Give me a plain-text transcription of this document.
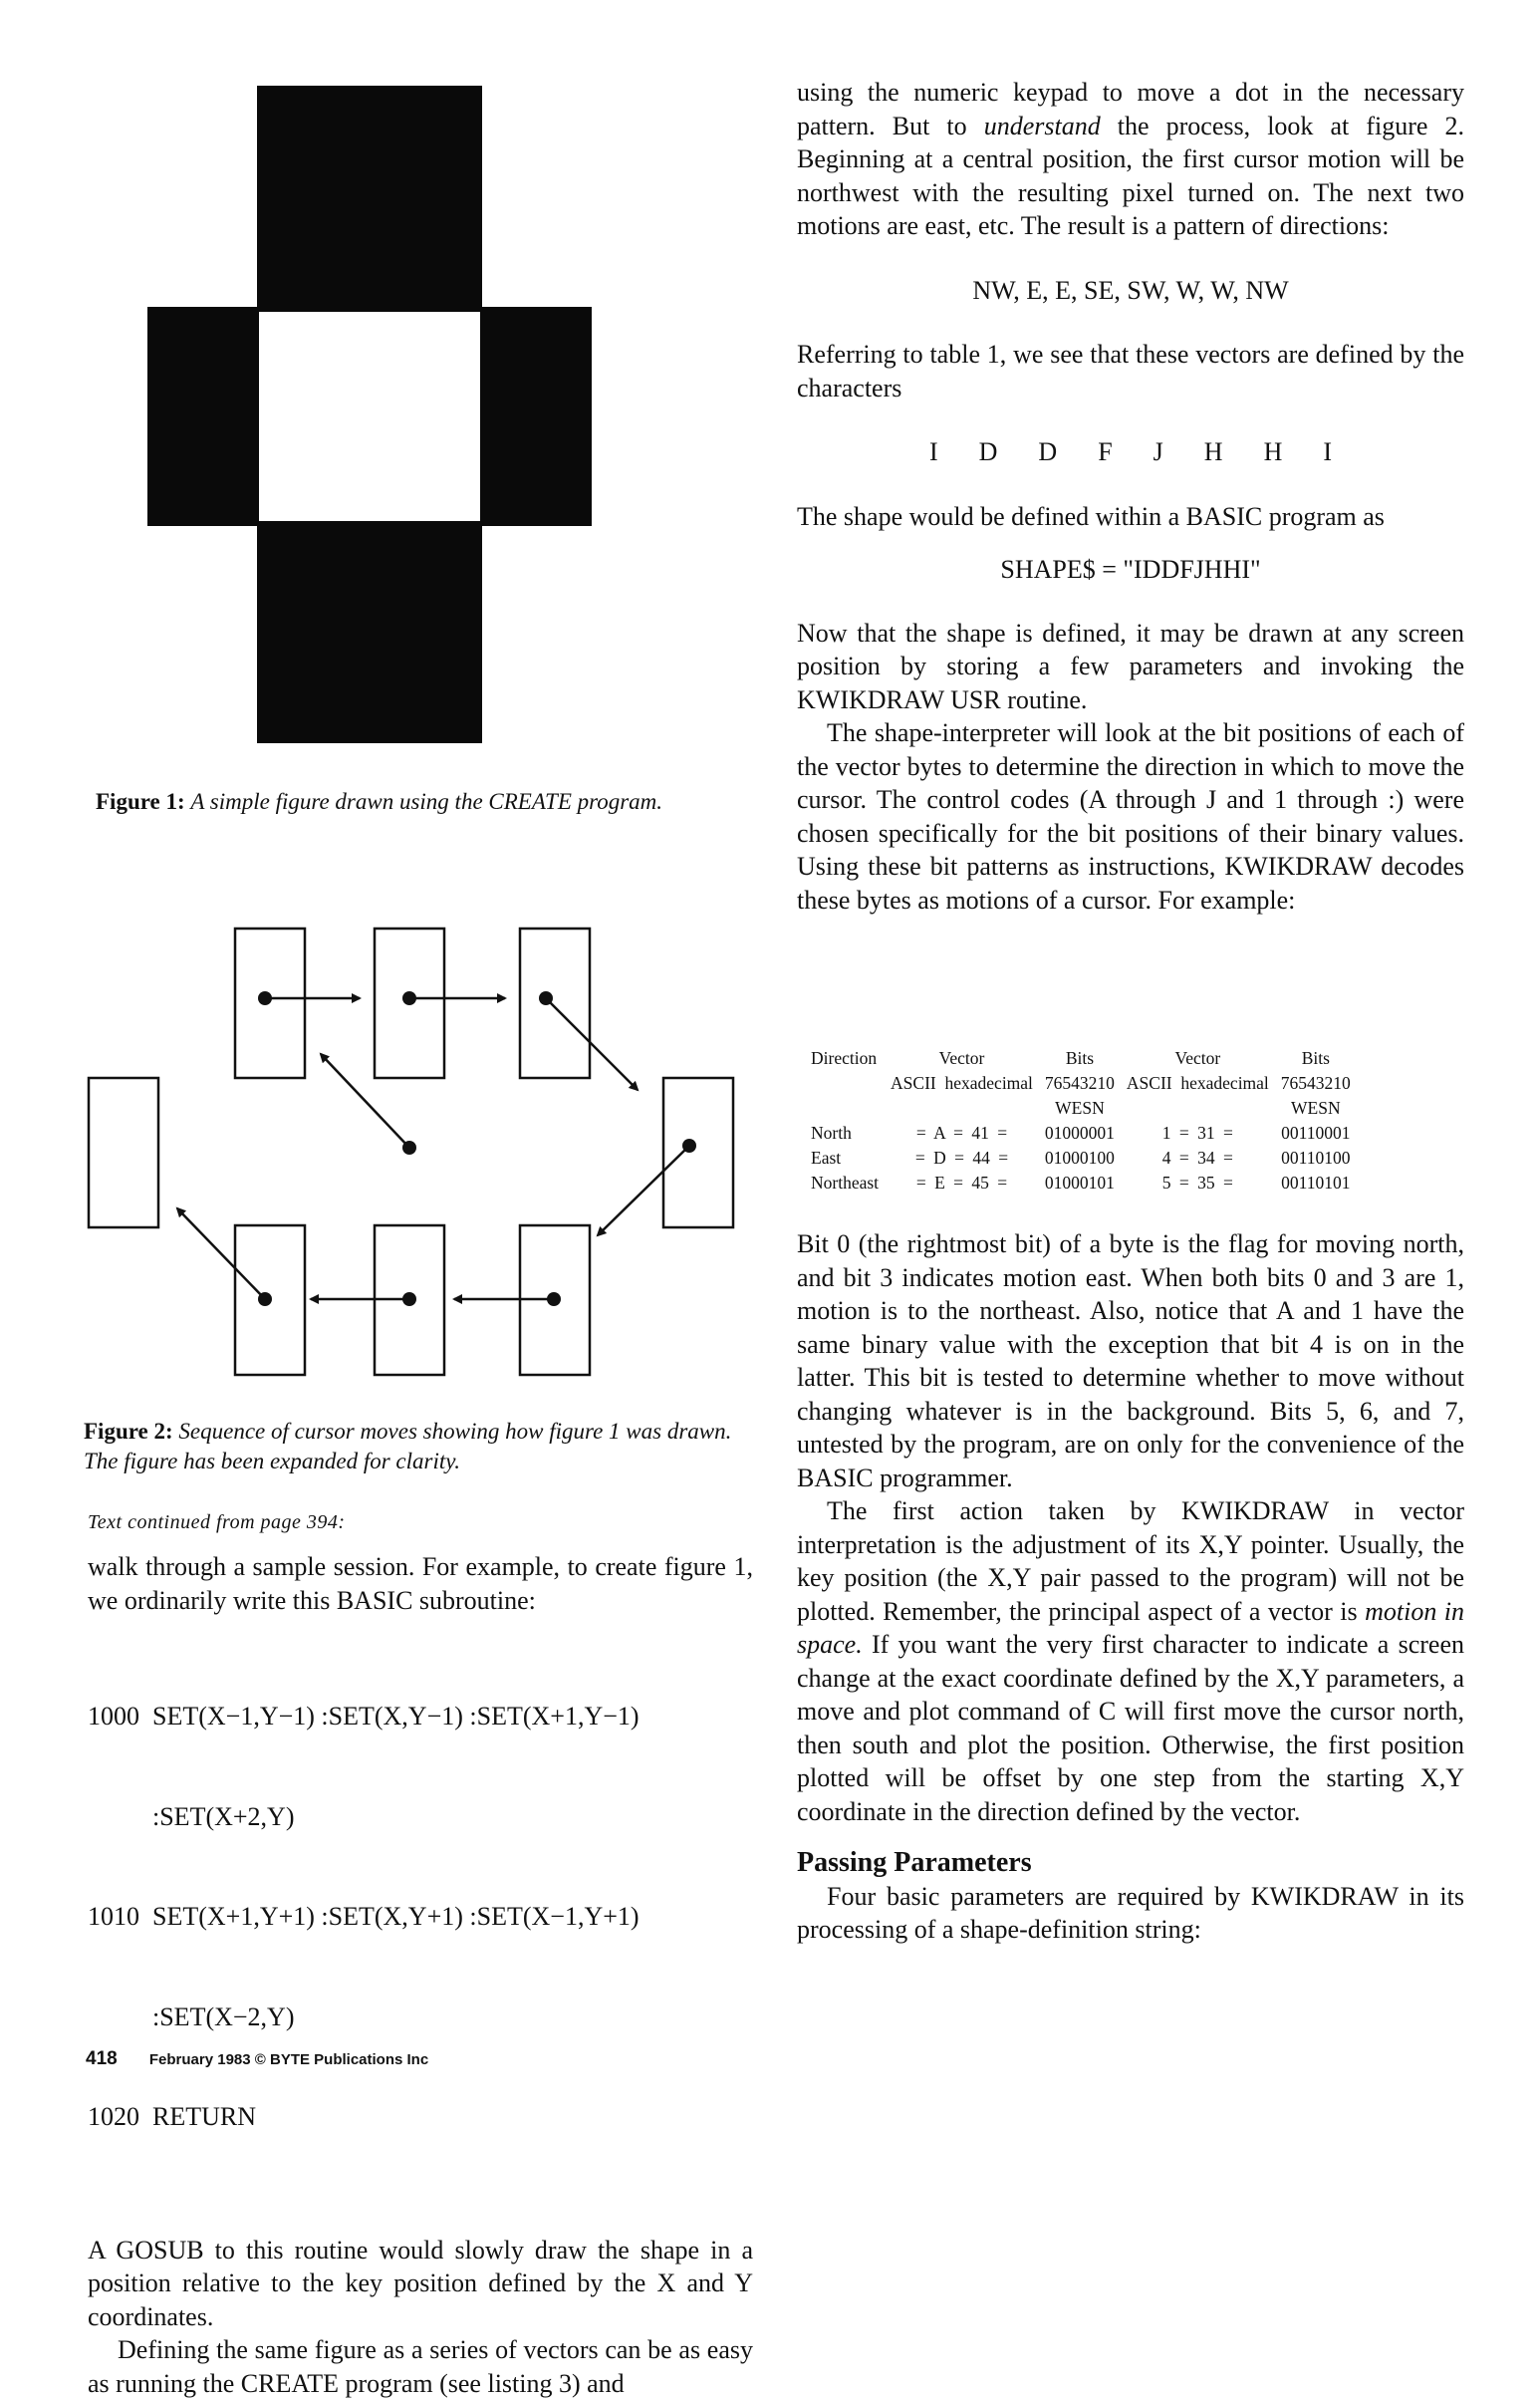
Figure 1: A simple figure drawn using the CREATE program.
Figure 2: Sequence of cursor moves showing how figure 1 was drawn. The figure has been expanded for clarity.
Text continued from page 394:

walk through a sample session. For example, to create figure 1, we ordinarily write this BASIC subroutine:

1000  SET(X−1,Y−1) :SET(X,Y−1) :SET(X+1,Y−1)

:SET(X+2,Y)

1010  SET(X+1,Y+1) :SET(X,Y+1) :SET(X−1,Y+1)

:SET(X−2,Y)

1020  RETURN

A GOSUB to this routine would slowly draw the shape in a position relative to the key position defined by the X and Y coordinates.

Defining the same figure as a series of vectors can be as easy as running the CREATE program (see listing 3) and

using the numeric keypad to move a dot in the necessary pattern. But to understand the process, look at figure 2. Beginning at a central position, the first cursor motion will be northwest with the resulting pixel turned on. The next two motions are east, etc. The result is a pattern of directions:

NW, E, E, SE, SW, W, W, NW

Referring to table 1, we see that these vectors are defined by the characters

I  D  D  F  J  H  H  I

The shape would be defined within a BASIC program as

SHAPE$ = "IDDFJHHI"

Now that the shape is defined, it may be drawn at any screen position by storing a few parameters and invoking the KWIKDRAW USR routine.

The shape-interpreter will look at the bit positions of each of the vector bytes to determine the direction in which to move the cursor. The control codes (A through J and 1 through :) were chosen specifically for the bit positions of their binary values. Using these bit patterns as instructions, KWIKDRAW decodes these bytes as motions of a cursor. For example:

Direction	Vector	Bits	Vector	Bits
	ASCII  hexadecimal	76543210	ASCII  hexadecimal	76543210
		WESN		WESN
North	= A = 41 =	01000001	1 = 31 =	00110001
East	= D = 44 =	01000100	4 = 34 =	00110100
Northeast	= E = 45 =	01000101	5 = 35 =	00110101

Bit 0 (the rightmost bit) of a byte is the flag for moving north, and bit 3 indicates motion east. When both bits 0 and 3 are 1, motion is to the northeast. Also, notice that A and 1 have the same binary value with the exception that bit 4 is on in the latter. This bit is tested to determine whether to move without changing whatever is in the background. Bits 5, 6, and 7, untested by the program, are on only for the convenience of the BASIC programmer.

The first action taken by KWIKDRAW in vector interpretation is the adjustment of its X,Y pointer. Usually, the key position (the X,Y pair passed to the program) will not be plotted. Remember, the principal aspect of a vector is motion in space. If you want the very first character to indicate a screen change at the exact coordinate defined by the X,Y parameters, a move and plot command of C will first move the cursor north, then south and plot the position. Otherwise, the first position plotted will be offset by one step from the starting X,Y coordinate in the direction defined by the vector.

Passing Parameters

Four basic parameters are required by KWIKDRAW in its processing of a shape-definition string:

418 February 1983 © BYTE Publications Inc
